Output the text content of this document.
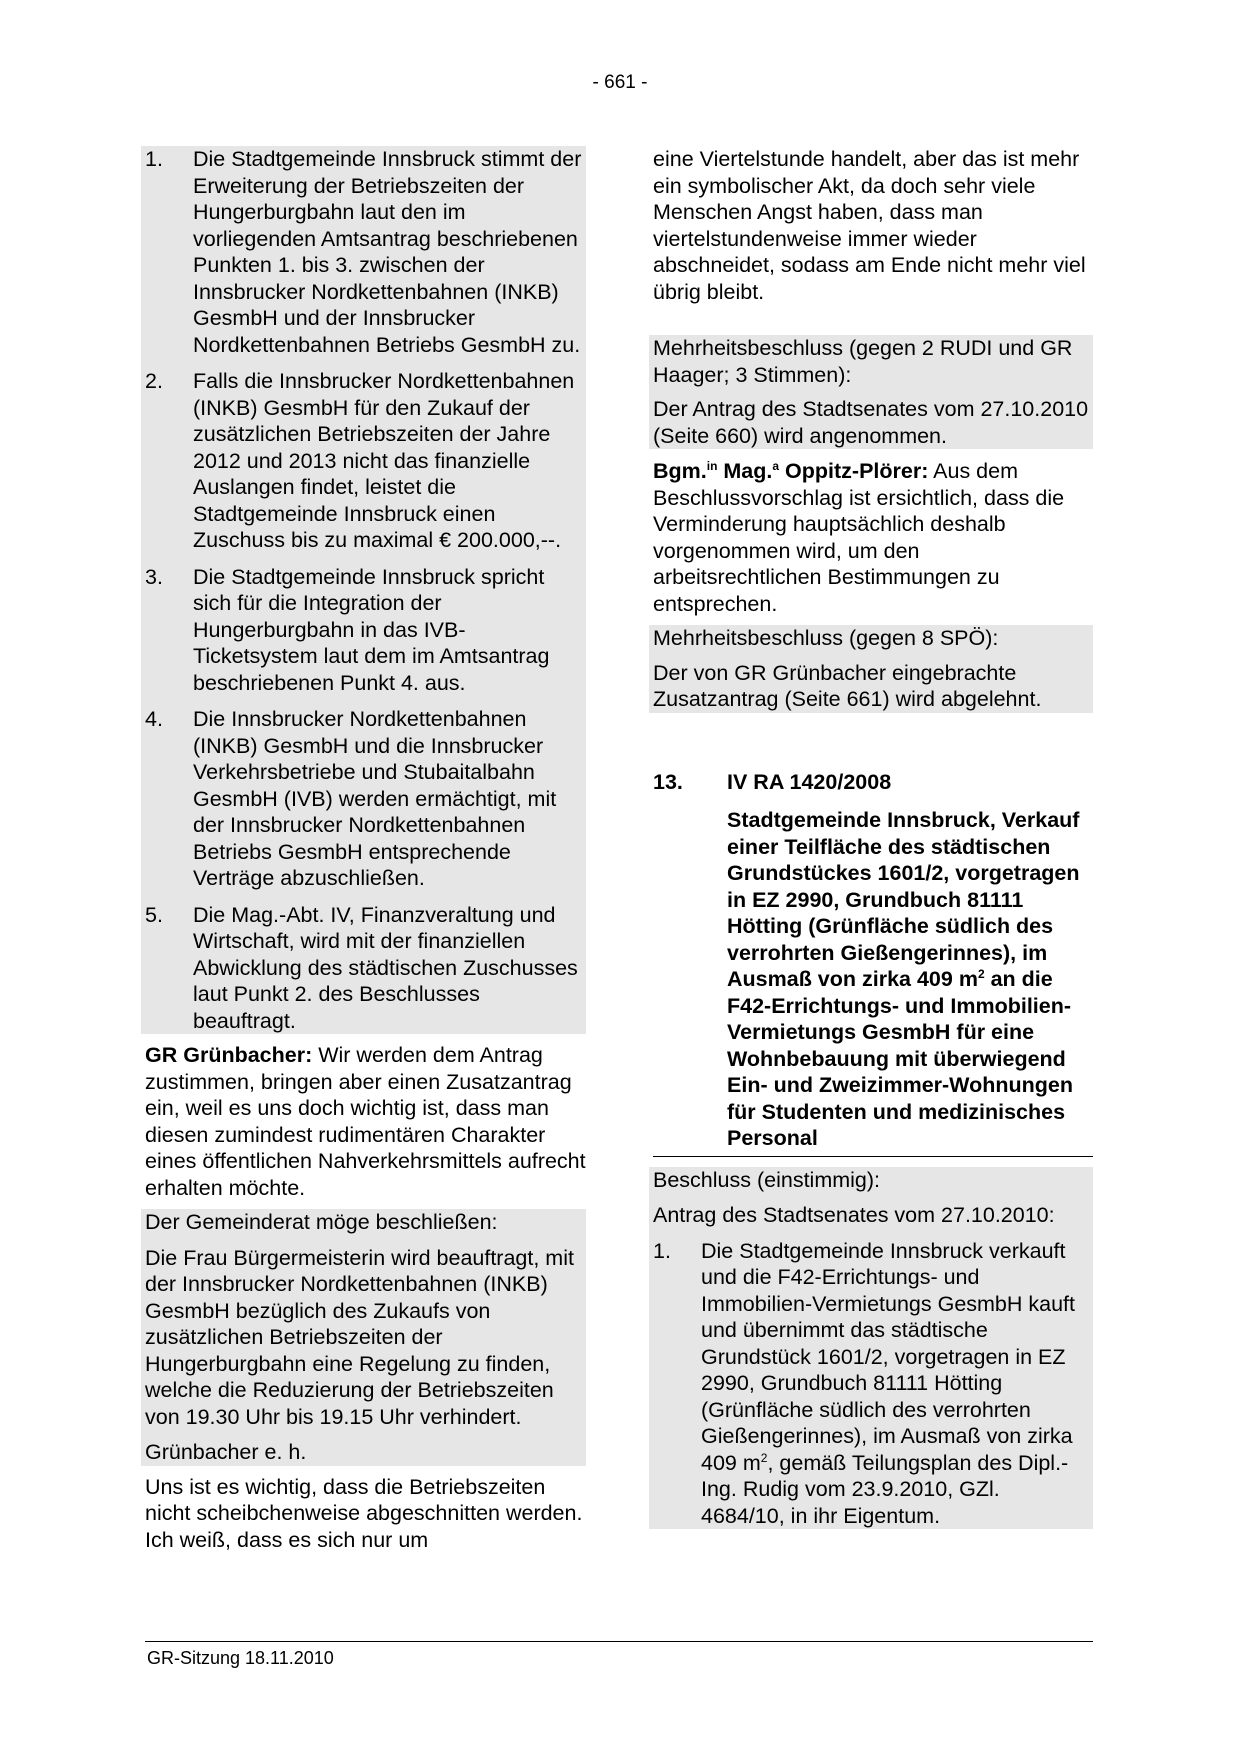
- 661 -
1.	Die Stadtgemeinde Innsbruck stimmt der Erweiterung der Betriebszeiten der Hungerburgbahn laut den im vorliegenden Amtsantrag beschriebenen Punkten 1. bis 3. zwischen der Innsbrucker Nordkettenbahnen (INKB) GesmbH und der Innsbrucker Nordkettenbahnen Betriebs GesmbH zu.
2.	Falls die Innsbrucker Nordkettenbahnen (INKB) GesmbH für den Zukauf der zusätzlichen Betriebszeiten der Jahre 2012 und 2013 nicht das finanzielle Auslangen findet, leistet die Stadtgemeinde Innsbruck einen Zuschuss bis zu maximal € 200.000,--.
3.	Die Stadtgemeinde Innsbruck spricht sich für die Integration der Hungerburgbahn in das IVB-Ticketsystem laut dem im Amtsantrag beschriebenen Punkt 4. aus.
4.	Die Innsbrucker Nordkettenbahnen (INKB) GesmbH und die Innsbrucker Verkehrsbetriebe und Stubaitalbahn GesmbH (IVB) werden ermächtigt, mit der Innsbrucker Nordkettenbahnen Betriebs GesmbH entsprechende Verträge abzuschließen.
5.	Die Mag.-Abt. IV, Finanzveraltung und Wirtschaft, wird mit der finanziellen Abwicklung des städtischen Zuschusses laut Punkt 2. des Beschlusses beauftragt.

GR Grünbacher: Wir werden dem Antrag zustimmen, bringen aber einen Zusatzantrag ein, weil es uns doch wichtig ist, dass man diesen zumindest rudimentären Charakter eines öffentlichen Nahverkehrsmittels aufrecht erhalten möchte.

Der Gemeinderat möge beschließen:

Die Frau Bürgermeisterin wird beauftragt, mit der Innsbrucker Nordkettenbahnen (INKB) GesmbH bezüglich des Zukaufs von zusätzlichen Betriebszeiten der Hungerburgbahn eine Regelung zu finden, welche die Reduzierung der Betriebszeiten von 19.30 Uhr bis 19.15 Uhr verhindert.

Grünbacher e. h.

Uns ist es wichtig, dass die Betriebszeiten nicht scheibchenweise abgeschnitten werden. Ich weiß, dass es sich nur um

eine Viertelstunde handelt, aber das ist mehr ein symbolischer Akt, da doch sehr viele Menschen Angst haben, dass man viertelstundenweise immer wieder abschneidet, sodass am Ende nicht mehr viel übrig bleibt.

Mehrheitsbeschluss (gegen 2 RUDI und GR Haager; 3 Stimmen):

Der Antrag des Stadtsenates vom 27.10.2010 (Seite 660) wird angenommen.

Bgm.$^{in}$ Mag.$^a$ Oppitz-Plörer: Aus dem Beschlussvorschlag ist ersichtlich, dass die Verminderung hauptsächlich deshalb vorgenommen wird, um den arbeitsrechtlichen Bestimmungen zu entsprechen.

Mehrheitsbeschluss (gegen 8 SPÖ):

Der von GR Grünbacher eingebrachte Zusatzantrag (Seite 661) wird abgelehnt.

13.	IV RA 1420/2008

Stadtgemeinde Innsbruck, Verkauf einer Teilfläche des städtischen Grundstückes 1601/2, vorgetragen in EZ 2990, Grundbuch 81111 Hötting (Grünfläche südlich des verrohrten Gießengerinnes), im Ausmaß von zirka 409 $m^2$ an die F42-Errichtungs- und Immobilien-Vermietungs GesmbH für eine Wohnbebauung mit überwiegend Ein- und Zweizimmer-Wohnungen für Studenten und medizinisches Personal

Beschluss (einstimmig):

Antrag des Stadtsenates vom 27.10.2010:

1.	Die Stadtgemeinde Innsbruck verkauft und die F42-Errichtungs- und Immobilien-Vermietungs GesmbH kauft und übernimmt das städtische Grundstück 1601/2, vorgetragen in EZ 2990, Grundbuch 81111 Hötting (Grünfläche südlich des verrohrten Gießengerinnes), im Ausmaß von zirka 409 $m^2$, gemäß Teilungsplan des Dipl.-Ing. Rudig vom 23.9.2010, GZl. 4684/10, in ihr Eigentum.
GR-Sitzung 18.11.2010
